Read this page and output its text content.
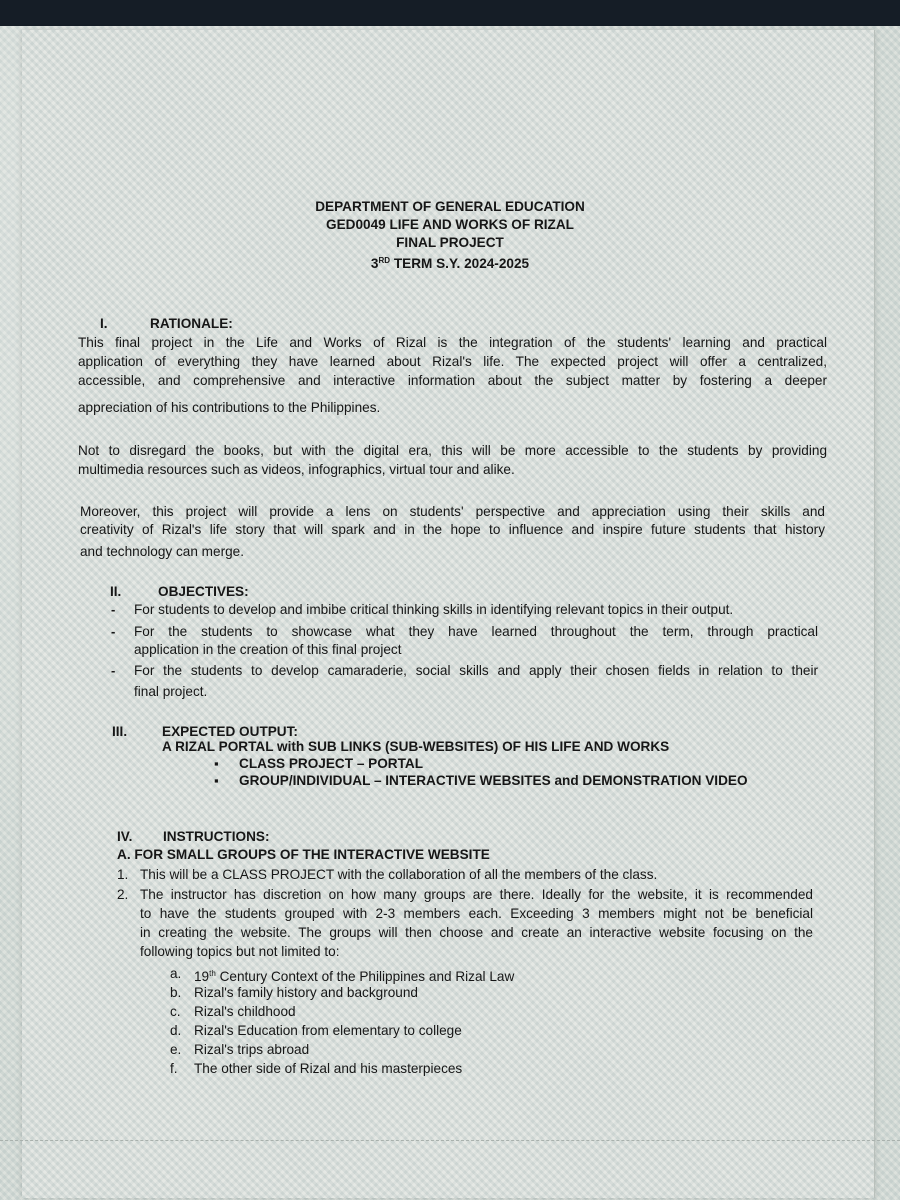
DEPARTMENT OF GENERAL EDUCATION
GED0049 LIFE AND WORKS OF RIZAL
FINAL PROJECT
3RD TERM S.Y. 2024-2025
I.	RATIONALE:
This final project in the Life and Works of Rizal is the integration of the students' learning and practical
application of everything they have learned about Rizal's life. The expected project will offer a centralized,
accessible, and comprehensive and interactive information about the subject matter by fostering a deeper
appreciation of his contributions to the Philippines.
Not to disregard the books, but with the digital era, this will be more accessible to the students by providing
multimedia resources such as videos, infographics, virtual tour and alike.
Moreover, this project will provide a lens on students' perspective and appreciation using their skills and
creativity of Rizal's life story that will spark and in the hope to influence and inspire future students that history
and technology can merge.
II.	OBJECTIVES:
- For students to develop and imbibe critical thinking skills in identifying relevant topics in their output.
- For the students to showcase what they have learned throughout the term, through practical
application in the creation of this final project
- For the students to develop camaraderie, social skills and apply their chosen fields in relation to their
final project.
III.	EXPECTED OUTPUT:
A RIZAL PORTAL with SUB LINKS (SUB-WEBSITES) OF HIS LIFE AND WORKS
▪ CLASS PROJECT – PORTAL
▪ GROUP/INDIVIDUAL – INTERACTIVE WEBSITES and DEMONSTRATION VIDEO
IV. INSTRUCTIONS:
A. FOR SMALL GROUPS OF THE INTERACTIVE WEBSITE
1. This will be a CLASS PROJECT with the collaboration of all the members of the class.
2. The instructor has discretion on how many groups are there. Ideally for the website, it is recommended
to have the students grouped with 2-3 members each. Exceeding 3 members might not be beneficial
in creating the website. The groups will then choose and create an interactive website focusing on the
following topics but not limited to:
a. 19th Century Context of the Philippines and Rizal Law
b. Rizal's family history and background
c. Rizal's childhood
d. Rizal's Education from elementary to college
e. Rizal's trips abroad
f. The other side of Rizal and his masterpieces
